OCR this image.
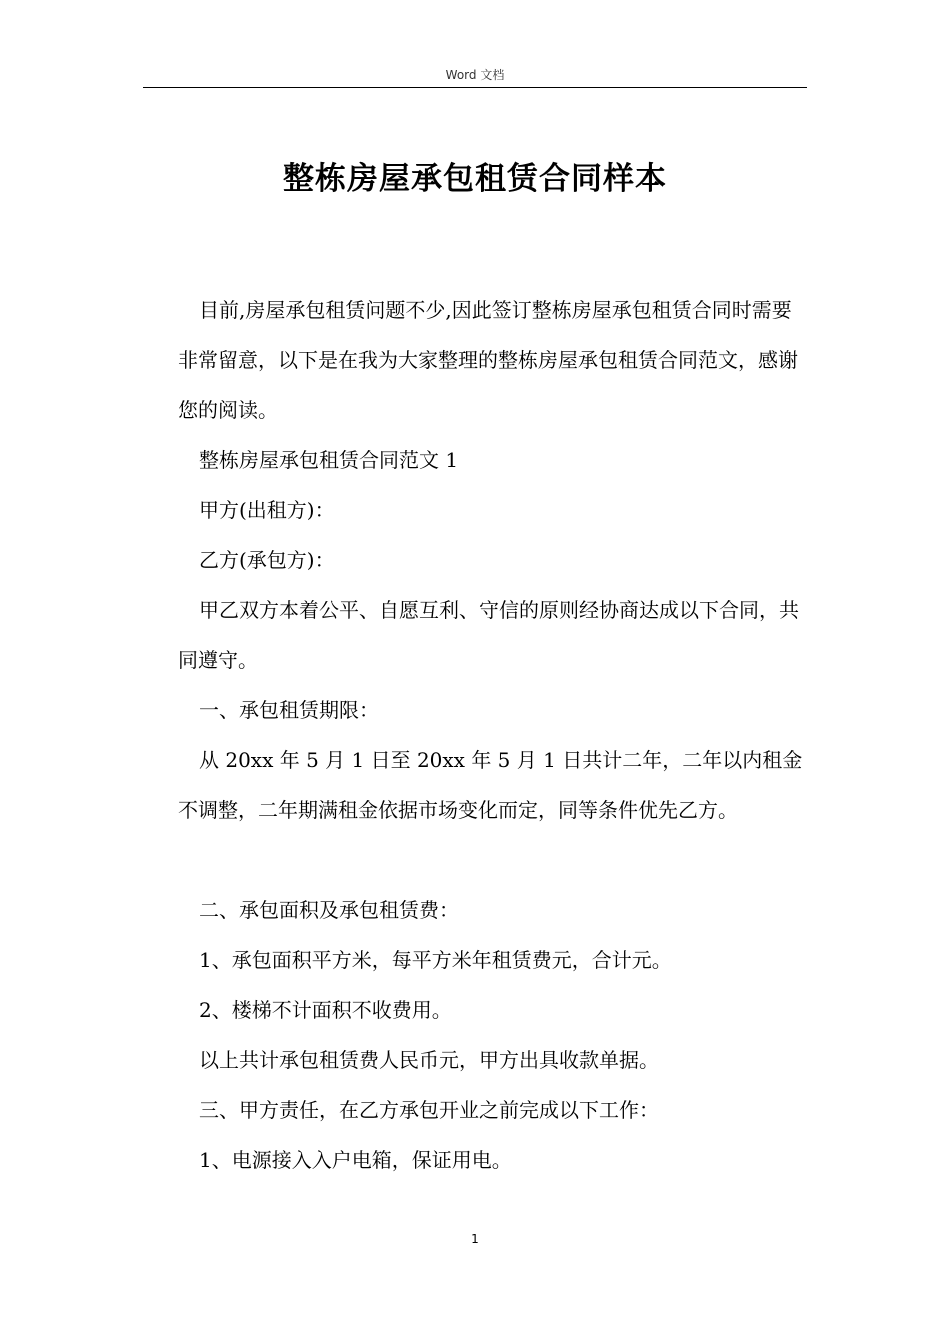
Word 文档
整栋房屋承包租赁合同样本

目前,房屋承包租赁问题不少,因此签订整栋房屋承包租赁合同时需要非常留意，以下是在我为大家整理的整栋房屋承包租赁合同范文，感谢您的阅读。

整栋房屋承包租赁合同范文 1

甲方(出租方)：

乙方(承包方)：

甲乙双方本着公平、自愿互利、守信的原则经协商达成以下合同，共同遵守。

一、承包租赁期限：

从 20xx 年 5 月 1 日至 20xx 年 5 月 1 日共计二年，二年以内租金不调整，二年期满租金依据市场变化而定，同等条件优先乙方。

二、承包面积及承包租赁费：

1、承包面积平方米，每平方米年租赁费元，合计元。

2、楼梯不计面积不收费用。

以上共计承包租赁费人民币元，甲方出具收款单据。

三、甲方责任，在乙方承包开业之前完成以下工作：

1、电源接入入户电箱，保证用电。

1
